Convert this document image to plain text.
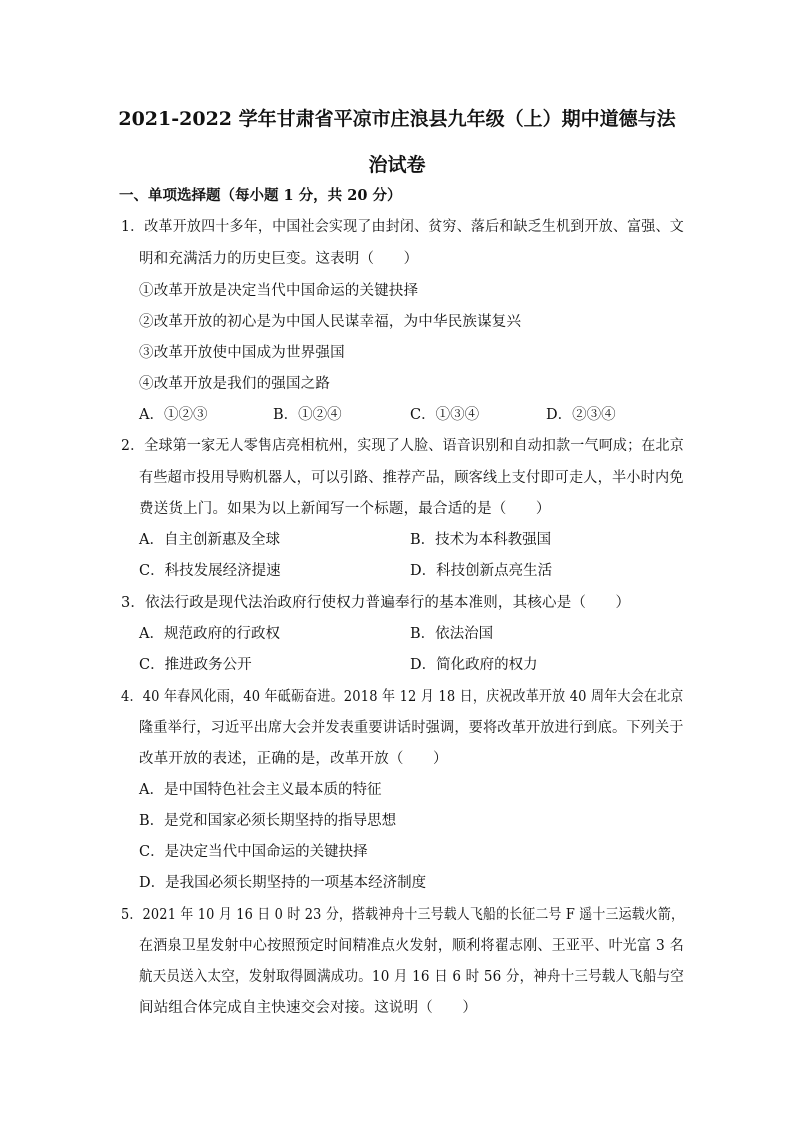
2021-2022 学年甘肃省平凉市庄浪县九年级（上）期中道德与法
治试卷
一、单项选择题（每小题 1 分，共 20 分）
1．改革开放四十多年，中国社会实现了由封闭、贫穷、落后和缺乏生机到开放、富强、文
明和充满活力的历史巨变。这表明（　　）
①改革开放是决定当代中国命运的关键抉择
②改革开放的初心是为中国人民谋幸福，为中华民族谋复兴
③改革开放使中国成为世界强国
④改革开放是我们的强国之路
A．①②③	B．①②④	C．①③④	D．②③④
2．全球第一家无人零售店亮相杭州，实现了人脸、语音识别和自动扣款一气呵成；在北京
有些超市投用导购机器人，可以引路、推荐产品，顾客线上支付即可走人，半小时内免
费送货上门。如果为以上新闻写一个标题，最合适的是（　　）
A．自主创新惠及全球	B．技术为本科教强国
C．科技发展经济提速	D．科技创新点亮生活
3．依法行政是现代法治政府行使权力普遍奉行的基本准则，其核心是（　　）
A．规范政府的行政权	B．依法治国
C．推进政务公开	D．简化政府的权力
4．40 年春风化雨，40 年砥砺奋进。2018 年 12 月 18 日，庆祝改革开放 40 周年大会在北京
隆重举行，习近平出席大会并发表重要讲话时强调，要将改革开放进行到底。下列关于
改革开放的表述，正确的是，改革开放（　　）
A．是中国特色社会主义最本质的特征
B．是党和国家必须长期坚持的指导思想
C．是决定当代中国命运的关键抉择
D．是我国必须长期坚持的一项基本经济制度
5．2021 年 10 月 16 日 0 时 23 分，搭载神舟十三号载人飞船的长征二号 F 遥十三运载火箭，
在酒泉卫星发射中心按照预定时间精准点火发射，顺利将翟志刚、王亚平、叶光富 3 名
航天员送入太空，发射取得圆满成功。10 月 16 日 6 时 56 分，神舟十三号载人飞船与空
间站组合体完成自主快速交会对接。这说明（　　）
